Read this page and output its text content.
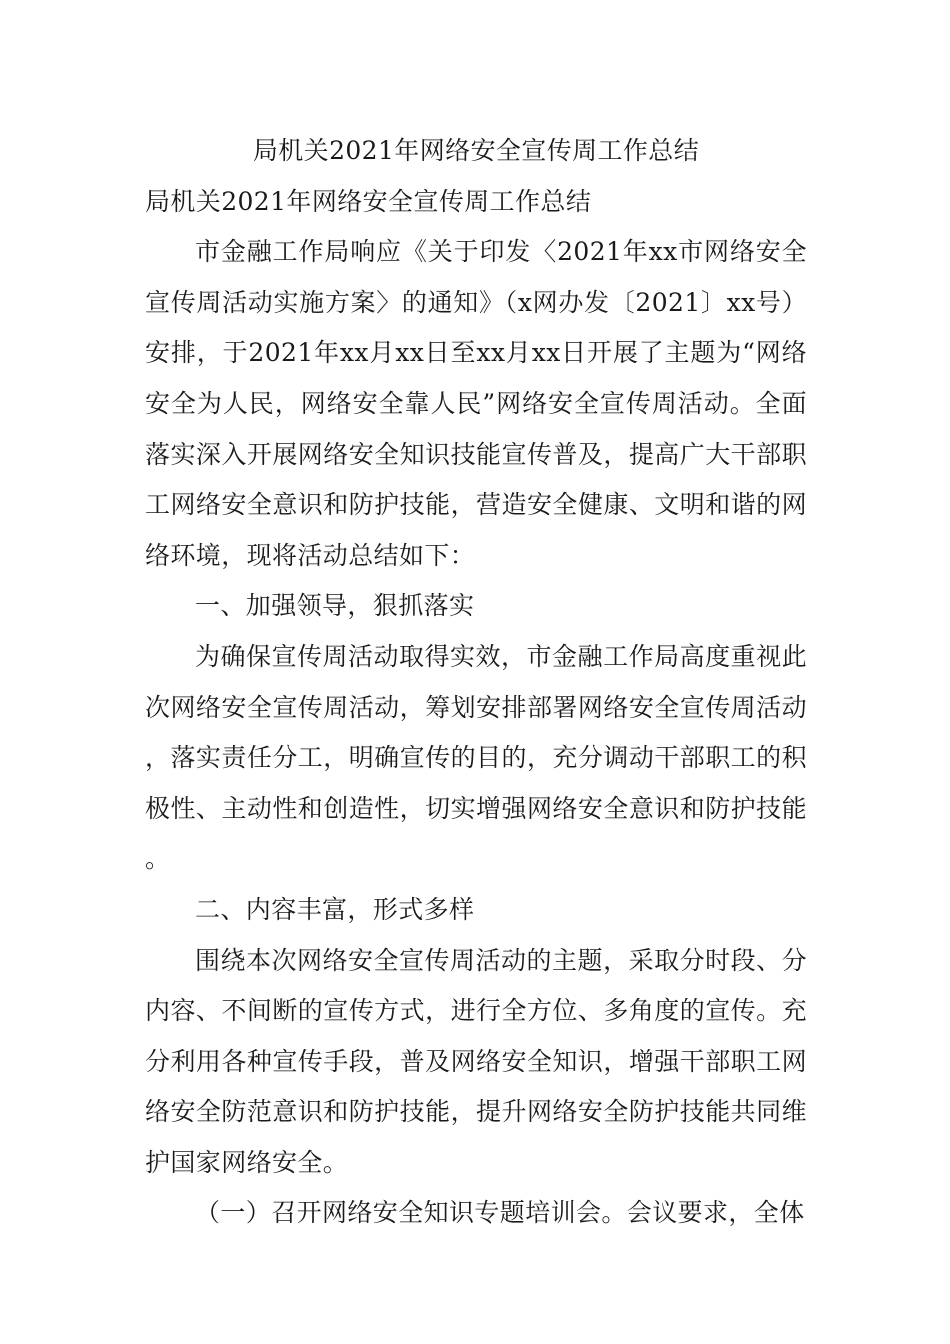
局机关2021年网络安全宣传周工作总结

局机关2021年网络安全宣传周工作总结

市金融工作局响应《关于印发〈2021年xx市网络安全宣传周活动实施方案〉的通知》（x网办发〔2021〕xx号）安排，于2021年xx月xx日至xx月xx日开展了主题为“网络安全为人民，网络安全靠人民”网络安全宣传周活动。全面落实深入开展网络安全知识技能宣传普及，提高广大干部职工网络安全意识和防护技能，营造安全健康、文明和谐的网络环境，现将活动总结如下：

一、加强领导，狠抓落实

为确保宣传周活动取得实效，市金融工作局高度重视此次网络安全宣传周活动，筹划安排部署网络安全宣传周活动，落实责任分工，明确宣传的目的，充分调动干部职工的积极性、主动性和创造性，切实增强网络安全意识和防护技能。

二、内容丰富，形式多样

围绕本次网络安全宣传周活动的主题，采取分时段、分内容、不间断的宣传方式，进行全方位、多角度的宣传。充分利用各种宣传手段，普及网络安全知识，增强干部职工网络安全防范意识和防护技能，提升网络安全防护技能共同维护国家网络安全。

（一）召开网络安全知识专题培训会。会议要求，全体
